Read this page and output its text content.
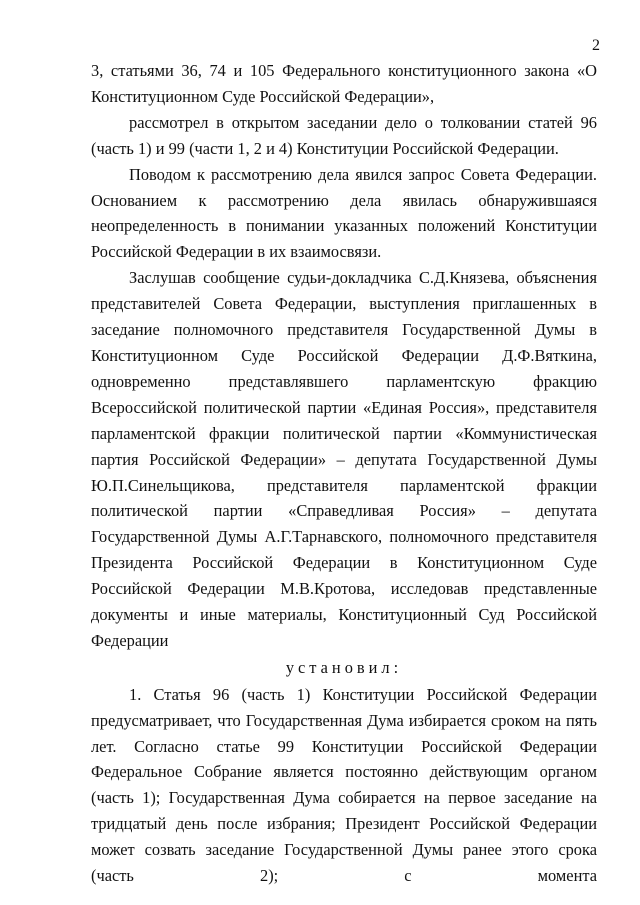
2

3, статьями 36, 74 и 105 Федерального конституционного закона «О Конституционном Суде Российской Федерации»,

рассмотрел в открытом заседании дело о толковании статей 96 (часть 1) и 99 (части 1, 2 и 4) Конституции Российской Федерации.

Поводом к рассмотрению дела явился запрос Совета Федерации. Основанием к рассмотрению дела явилась обнаружившаяся неопределенность в понимании указанных положений Конституции Российской Федерации в их взаимосвязи.

Заслушав сообщение судьи-докладчика С.Д.Князева, объяснения представителей Совета Федерации, выступления приглашенных в заседание полномочного представителя Государственной Думы в Конституционном Суде Российской Федерации Д.Ф.Вяткина, одновременно представлявшего парламентскую фракцию Всероссийской политической партии «Единая Россия», представителя парламентской фракции политической партии «Коммунистическая партия Российской Федерации» – депутата Государственной Думы Ю.П.Синельщикова, представителя парламентской фракции политической партии «Справедливая Россия» – депутата Государственной Думы А.Г.Тарнавского, полномочного представителя Президента Российской Федерации в Конституционном Суде Российской Федерации М.В.Кротова, исследовав представленные документы и иные материалы, Конституционный Суд Российской Федерации

установил:

1. Статья 96 (часть 1) Конституции Российской Федерации предусматривает, что Государственная Дума избирается сроком на пять лет. Согласно статье 99 Конституции Российской Федерации Федеральное Собрание является постоянно действующим органом (часть 1); Государственная Дума собирается на первое заседание на тридцатый день после избрания; Президент Российской Федерации может созвать заседание Государственной Думы ранее этого срока (часть 2); с момента
